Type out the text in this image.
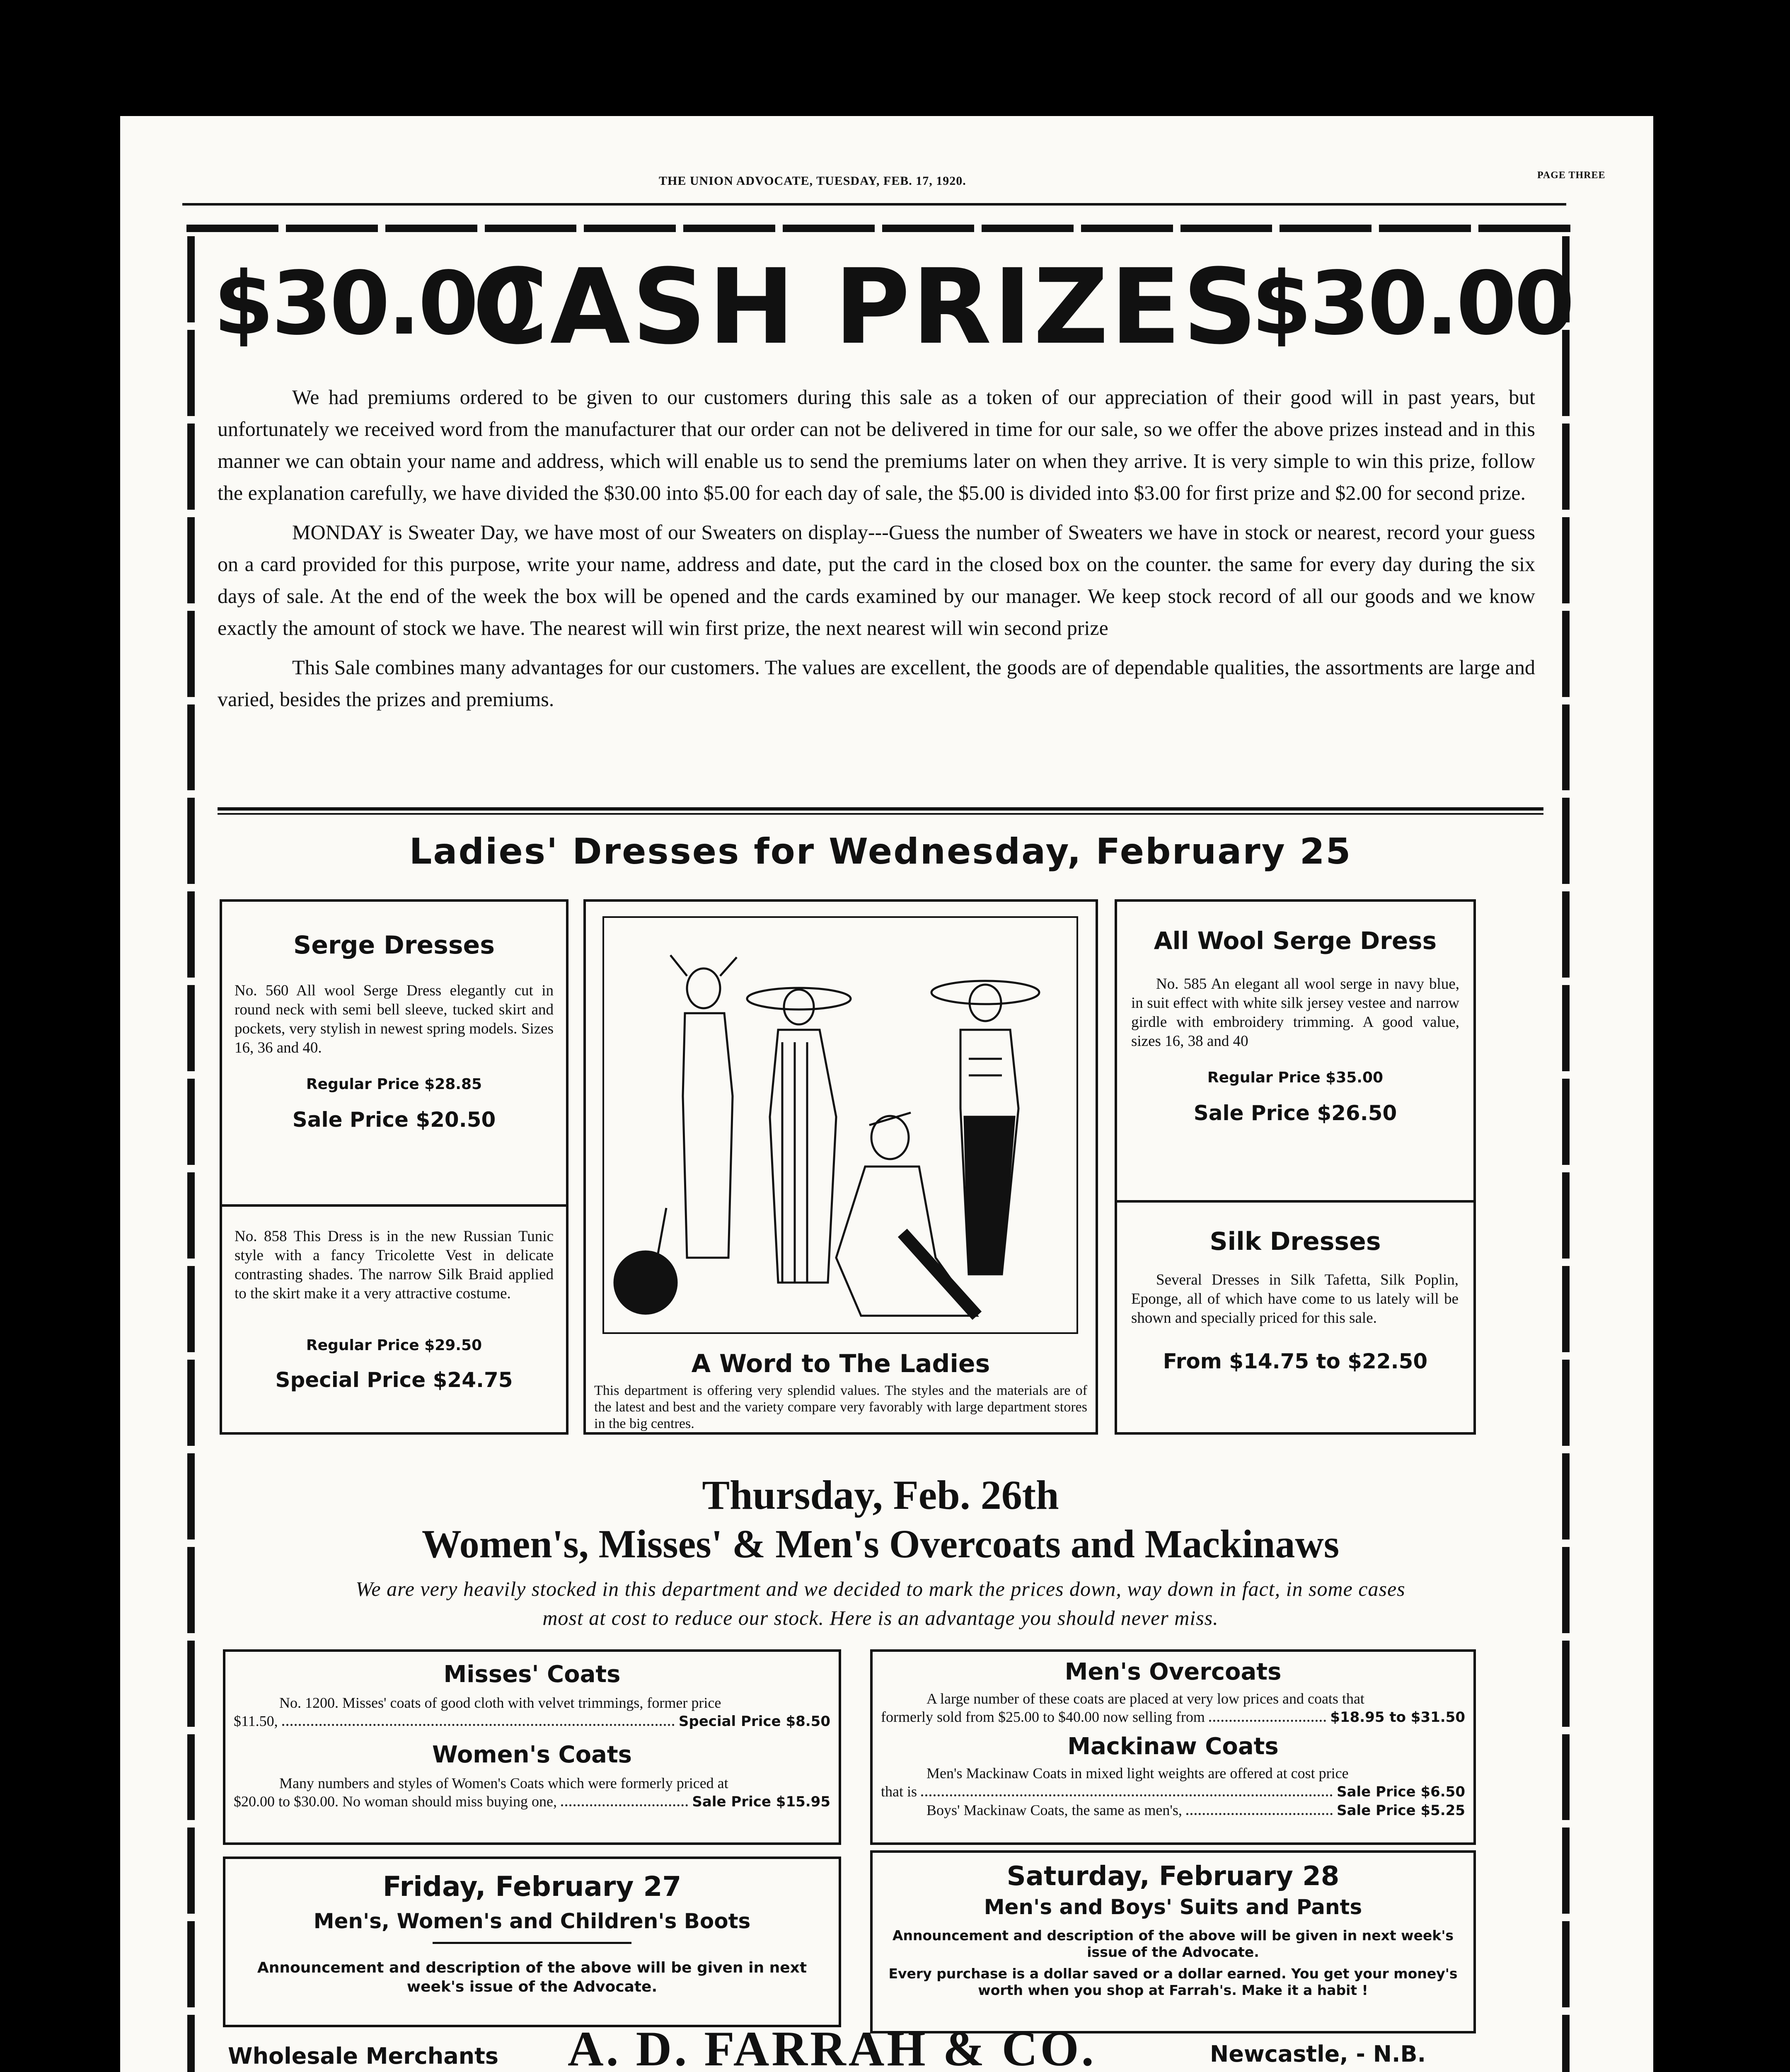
THE UNION ADVOCATE, TUESDAY, FEB. 17, 1920.	PAGE THREE
$30.00
CASH PRIZES
$30.00

We had premiums ordered to be given to our customers during this sale as a token of our appreciation of their good will in past years, but unfortunately we received word from the manufacturer that our order can not be delivered in time for our sale, so we offer the above prizes instead and in this manner we can obtain your name and address, which will enable us to send the premiums later on when they arrive. It is very simple to win this prize, follow the explanation carefully, we have divided the $30.00 into $5.00 for each day of sale, the $5.00 is divided into $3.00 for first prize and $2.00 for second prize.

MONDAY is Sweater Day, we have most of our Sweaters on display---Guess the number of Sweaters we have in stock or nearest, record your guess on a card provided for this purpose, write your name, address and date, put the card in the closed box on the counter. the same for every day during the six days of sale. At the end of the week the box will be opened and the cards examined by our manager. We keep stock record of all our goods and we know exactly the amount of stock we have. The nearest will win first prize, the next nearest will win second prize

This Sale combines many advantages for our customers. The values are excellent, the goods are of dependable qualities, the assortments are large and varied, besides the prizes and premiums.

Ladies' Dresses for Wednesday, February 25
Serge Dresses
No. 560 All wool Serge Dress elegantly cut in round neck with semi bell sleeve, tucked skirt and pockets, very stylish in newest spring models. Sizes 16, 36 and 40.
Regular Price $28.85
Sale Price $20.50
No. 858 This Dress is in the new Russian Tunic style with a fancy Tricolette Vest in delicate contrasting shades. The narrow Silk Braid applied to the skirt make it a very attractive costume.
Regular Price $29.50
Special Price $24.75
A Word to The Ladies
This department is offering very splendid values. The styles and the materials are of the latest and best and the variety compare very favorably with large department stores in the big centres.
All Wool Serge Dress
No. 585 An elegant all wool serge in navy blue, in suit effect with white silk jersey vestee and narrow girdle with embroidery trimming. A good value, sizes 16, 38 and 40
Regular Price $35.00
Sale Price $26.50
Silk Dresses
Several Dresses in Silk Tafetta, Silk Poplin, Eponge, all of which have come to us lately will be shown and specially priced for this sale.
From $14.75 to $22.50
Thursday, Feb. 26th
Women's, Misses' & Men's Overcoats and Mackinaws
We are very heavily stocked in this department and we decided to mark the prices down, way down in fact, in some cases
most at cost to reduce our stock. Here is an advantage you should never miss.
Misses' Coats
No. 1200. Misses' coats of good cloth with velvet trimmings, former price
$11.50,	Special Price $8.50
Women's Coats
Many numbers and styles of Women's Coats which were formerly priced at
$20.00 to $30.00. No woman should miss buying one,	Sale Price $15.95
Men's Overcoats
A large number of these coats are placed at very low prices and coats that
formerly sold from $25.00 to $40.00 now selling from	$18.95 to $31.50
Mackinaw Coats
Men's Mackinaw Coats in mixed light weights are offered at cost price
that is	Sale Price $6.50
Boys' Mackinaw Coats, the same as men's,	Sale Price $5.25
Friday, February 27
Men's, Women's and Children's Boots
Announcement and description of the above will be given in next week's issue of the Advocate.
Saturday, February 28
Men's and Boys' Suits and Pants
Announcement and description of the above will be given in next week's issue of the Advocate.
Every purchase is a dollar saved or a dollar earned. You get your money's worth when you shop at Farrah's. Make it a habit !
Wholesale Merchants A. D. FARRAH & CO.	Newcastle, - N.B.
